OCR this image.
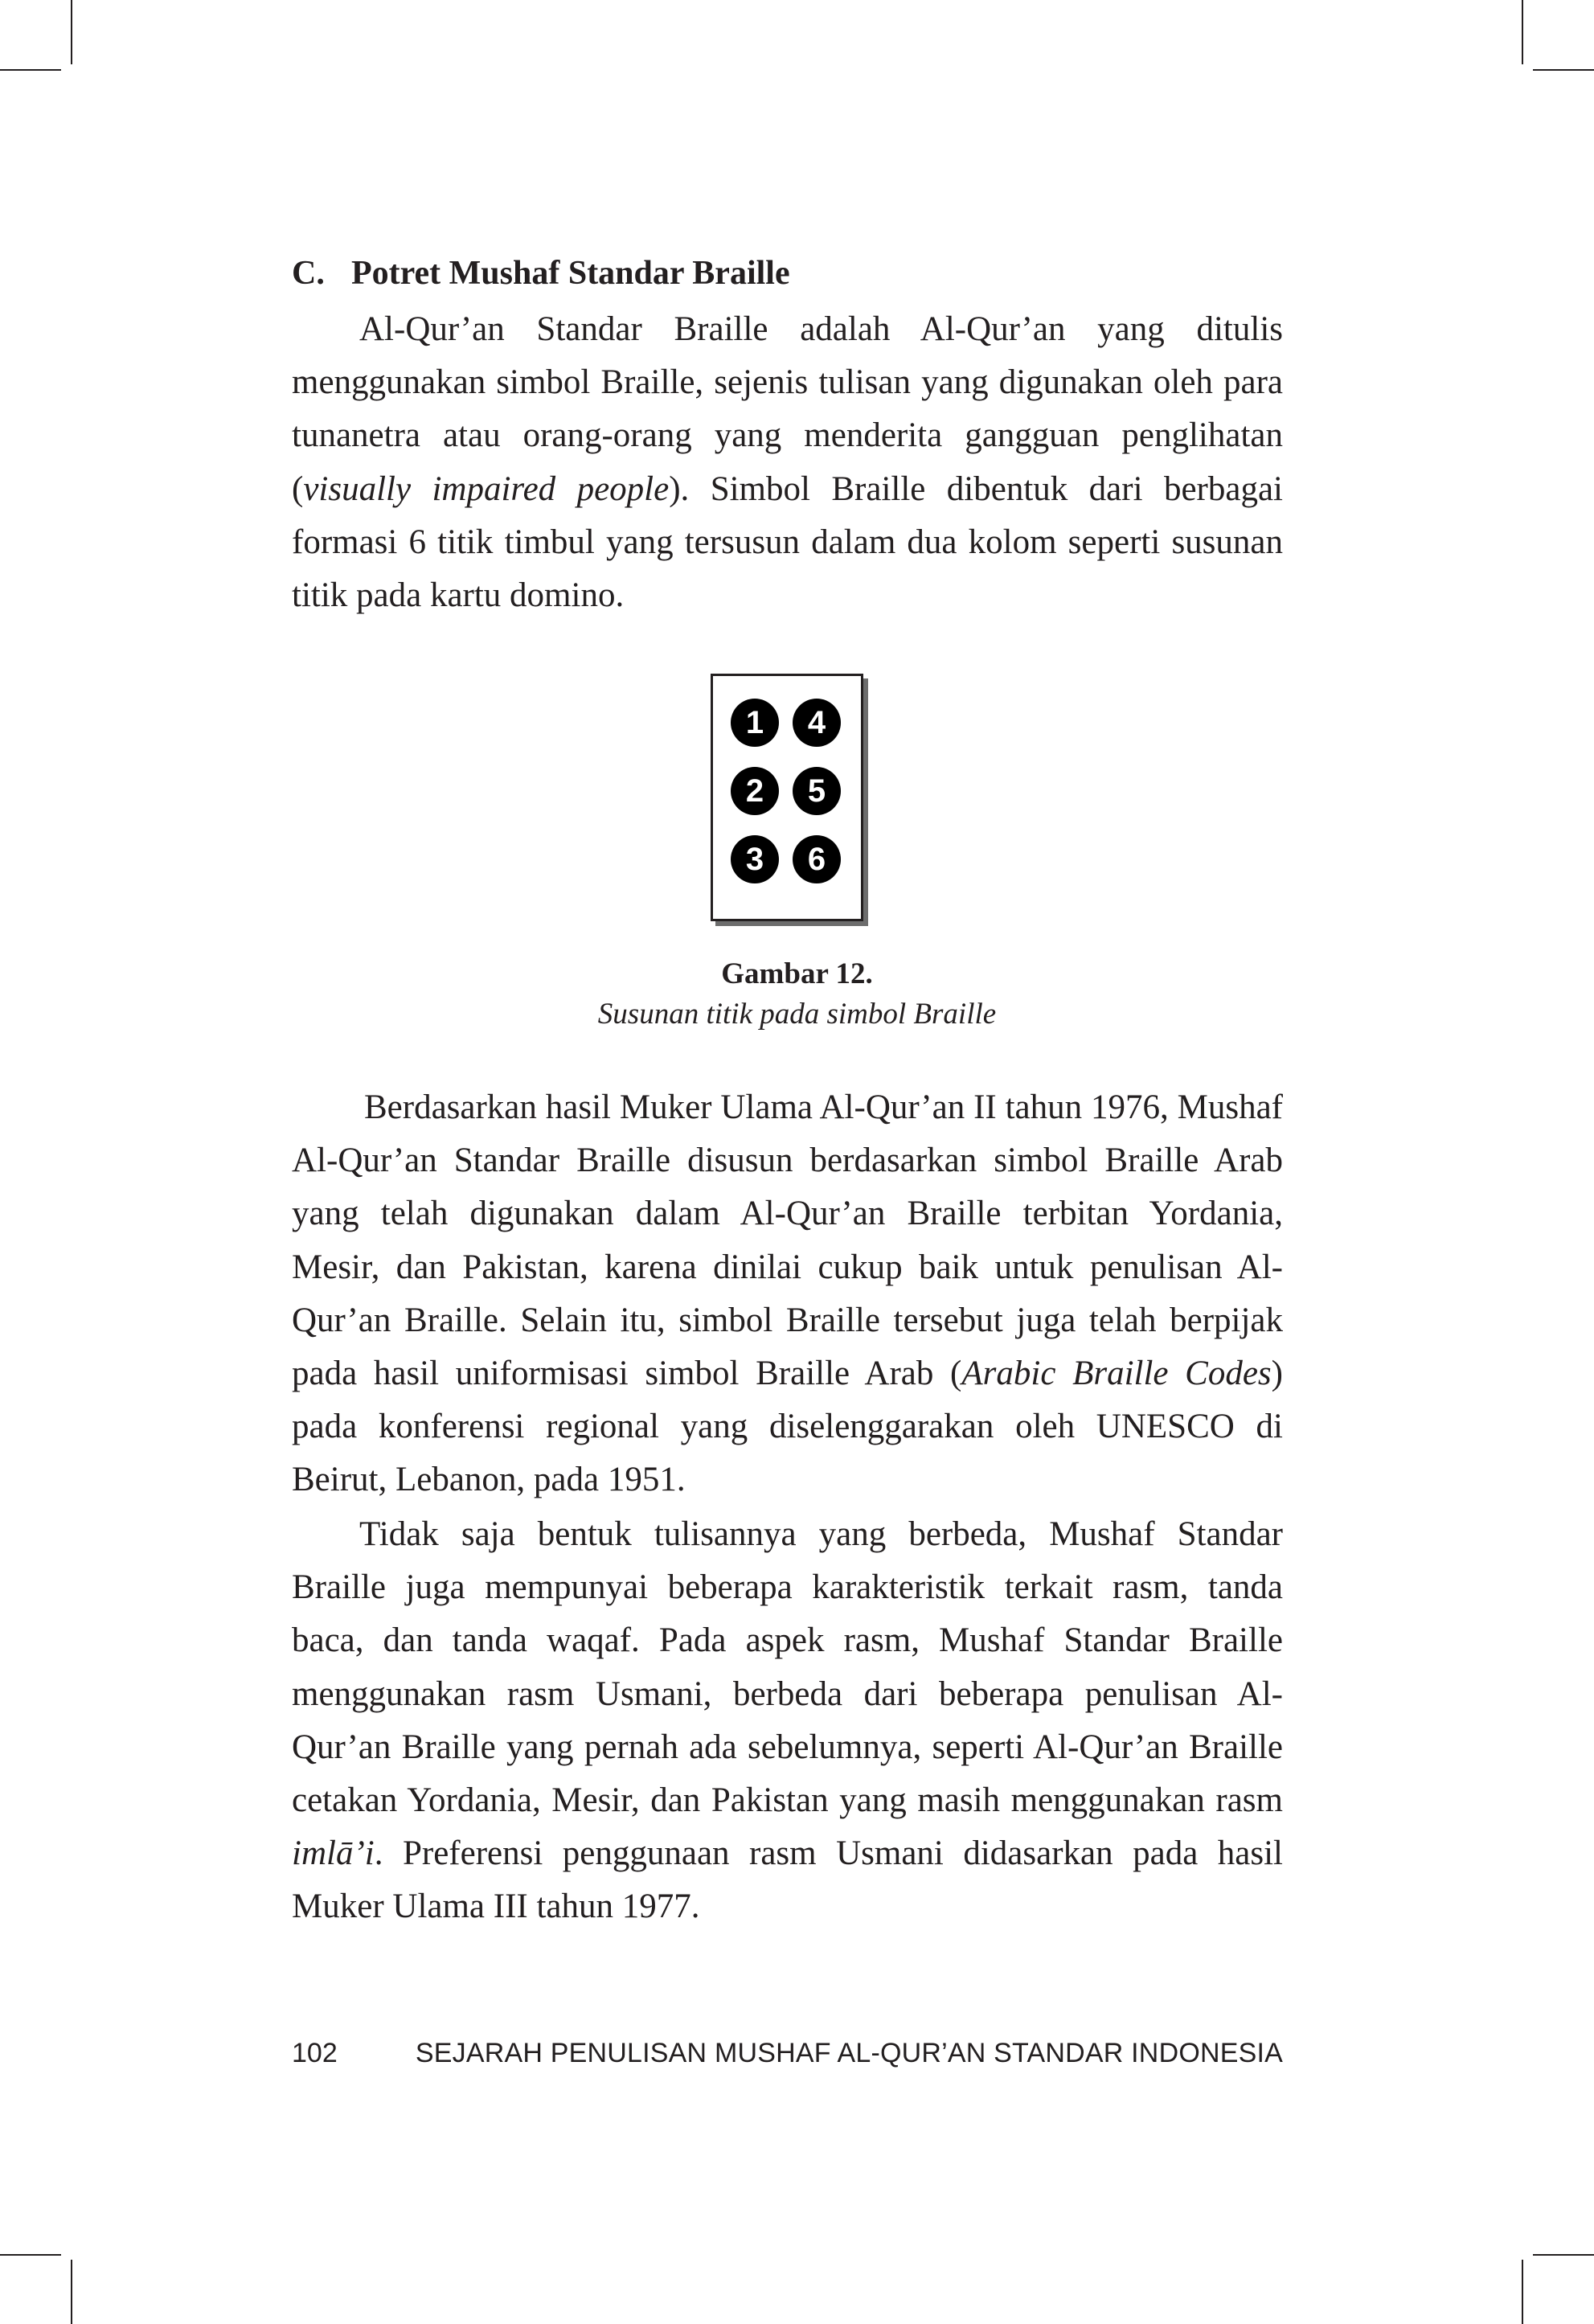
C. Potret Mushaf Standar Braille

Al-Qur’an Standar Braille adalah Al-Qur’an yang ditulis menggunakan simbol Braille, sejenis tulisan yang digunakan oleh para tunanetra atau orang-orang yang menderita gangguan penglihatan (visually impaired people). Simbol Braille dibentuk dari berbagai formasi 6 titik timbul yang tersusun dalam dua kolom seperti susunan titik pada kartu domino.

1
2
3
4
5
6

Gambar 12.

Susunan titik pada simbol Braille

Berdasarkan hasil Muker Ulama Al-Qur’an II tahun 1976, Mushaf Al-Qur’an Standar Braille disusun berdasarkan simbol Braille Arab yang telah digunakan dalam Al-Qur’an Braille terbitan Yordania, Mesir, dan Pakistan, karena dinilai cukup baik untuk penulisan Al-Qur’an Braille. Selain itu, simbol Braille tersebut juga telah berpijak pada hasil uniformisasi simbol Braille Arab (Arabic Braille Codes) pada konferensi regional yang diselenggarakan oleh UNESCO di Beirut, Lebanon, pada 1951.

Tidak saja bentuk tulisannya yang berbeda, Mushaf Standar Braille juga mempunyai beberapa karakteristik terkait rasm, tanda baca, dan tanda waqaf. Pada aspek rasm, Mushaf Standar Braille menggunakan rasm Usmani, berbeda dari beberapa penulisan Al-Qur’an Braille yang pernah ada sebelumnya, seperti Al-Qur’an Braille cetakan Yordania, Mesir, dan Pakistan yang masih menggunakan rasm imlā’i. Preferensi penggunaan rasm Usmani didasarkan pada hasil Muker Ulama III tahun 1977.

102	SEJARAH PENULISAN MUSHAF AL-QUR’AN STANDAR INDONESIA
